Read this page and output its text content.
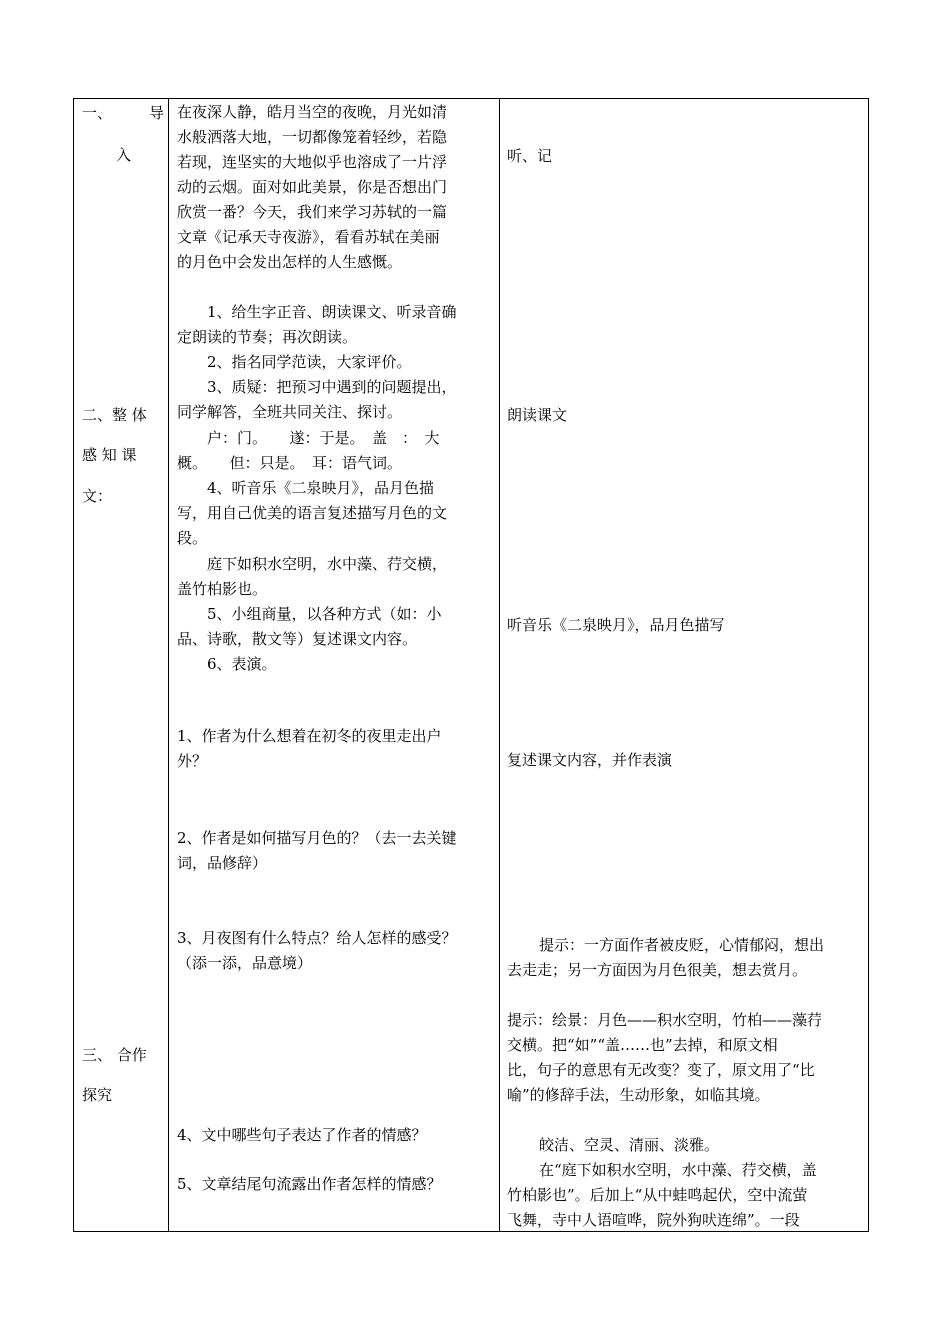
一、 导
入
二、整 体
感 知 课
文：
三、 合作
探究
在夜深人静，皓月当空的夜晚，月光如清
水般洒落大地，一切都像笼着轻纱，若隐
若现，连坚实的大地似乎也溶成了一片浮
动的云烟。面对如此美景，你是否想出门
欣赏一番？今天，我们来学习苏轼的一篇
文章《记承天寺夜游》，看看苏轼在美丽
的月色中会发出怎样的人生感慨。
1、给生字正音、朗读课文、听录音确
定朗读的节奏；再次朗读。
2、指名同学范读，大家评价。
3、质疑：把预习中遇到的问题提出，
同学解答，全班共同关注、探讨。
户：门。　　遂：于是。　盖　：　大
概。　　但：只是。　耳：语气词。
4、听音乐《二泉映月》，品月色描
写，用自己优美的语言复述描写月色的文
段。
庭下如积水空明，水中藻、荇交横，
盖竹柏影也。
5、小组商量，以各种方式（如：小
品、诗歌，散文等）复述课文内容。
6、表演。
1、作者为什么想着在初冬的夜里走出户
外？
2、作者是如何描写月色的？（去一去关键
词，品修辞）
3、月夜图有什么特点？给人怎样的感受？
（添一添，品意境）
4、文中哪些句子表达了作者的情感？
5、文章结尾句流露出作者怎样的情感？
听、记
朗读课文
听音乐《二泉映月》，品月色描写
复述课文内容，并作表演
提示：一方面作者被皮贬，心情郁闷，想出
去走走；另一方面因为月色很美，想去赏月。
提示：绘景：月色——积水空明，竹柏——藻荇
交横。把“如”“盖……也”去掉，和原文相
比，句子的意思有无改变？变了，原文用了“比
喻”的修辞手法，生动形象，如临其境。
皎洁、空灵、清丽、淡雅。
在“庭下如积水空明，水中藻、荇交横，盖
竹柏影也”。后加上“从中蛙鸣起伏，空中流萤
飞舞，寺中人语喧哗，院外狗吠连绵”。一段
